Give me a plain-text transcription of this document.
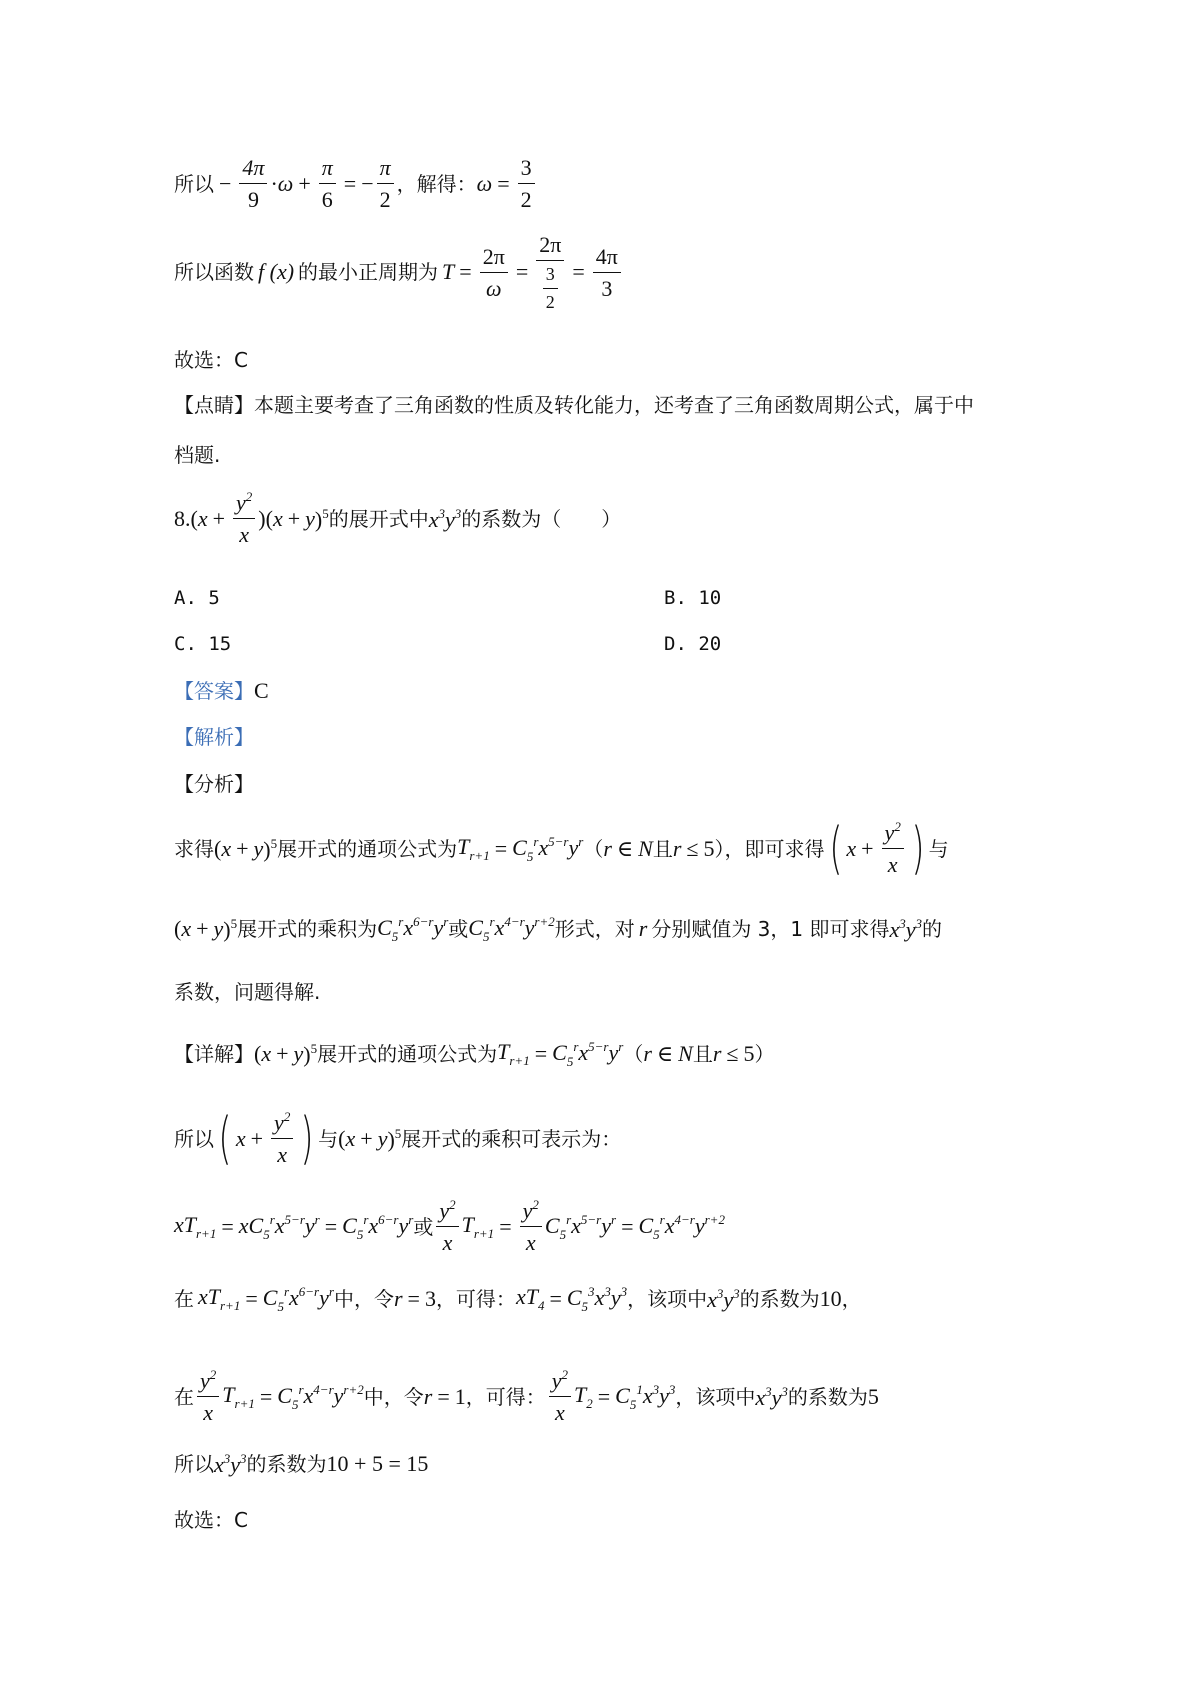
所以 − $\frac{4\pi}{9} \cdot \omega + \frac{\pi}{6}$ = − $\frac{\pi}{2}$ ，解得： $\omega = \frac{3}{2}$
所以函数 f (x) 的最小正周期为 $T = \frac{2\pi}{\omega} = \frac{2\pi}{\frac{3}{2}} = \frac{4\pi}{3}$
故选：C
【点睛】本题主要考查了三角函数的性质及转化能力，还考查了三角函数周期公式，属于中
档题.
8. ( $x + \frac{y^2}{x}$ )( x + y )$^5$ 的展开式中 $x^3y^3$ 的系数为（　　）
A. 5	B. 10
C. 15	D. 20
【答案】 C
【解析】
【分析】
求得 ( x + y )$^5$ 展开式的通项公式为 $T_{r+1} = C_5^rx^{5-r}y^r$ （ r ∈ N 且 r ≤ 5 ），即可求得 ( $x + \frac{y^2}{x}$ ) 与
( x + y )$^5$ 展开式的乘积为 $C_5^rx^{6-r}y^r$ 或 $C_5^rx^{4-r}y^{r+2}$ 形式，对 r 分别赋值为 3，1 即可求得 $x^3y^3$ 的
系数，问题得解.
【详解】 ( x + y )$^5$ 展开式的通项公式为 $T_{r+1} = C_5^rx^{5-r}y^r$ （ r ∈ N 且 r ≤ 5 ）
所以 ( $x + \frac{y^2}{x}$ ) 与 ( x + y )$^5$ 展开式的乘积可表示为：
$xT_{r+1} = xC_5^rx^{5-r}y^r = C_5^rx^{6-r}y^r$ 或 $\frac{y^2}{x} T_{r+1} = \frac{y^2}{x} C_5^rx^{5-r}y^r = C_5^rx^{4-r}y^{r+2}$
在 $xT_{r+1} = C_5^rx^{6-r}y^r$ 中，令 r = 3 ，可得： $xT_4 = C_5^3x^3y^3$ ，该项中 $x^3y^3$ 的系数为 10 ，
在 $\frac{y^2}{x} T_{r+1} = C_5^rx^{4-r}y^{r+2}$ 中，令 r = 1 ，可得： $\frac{y^2}{x} T_2 = C_5^1x^3y^3$ ，该项中 $x^3y^3$ 的系数为 5
所以 $x^3y^3$ 的系数为 10 + 5 = 15
故选：C
